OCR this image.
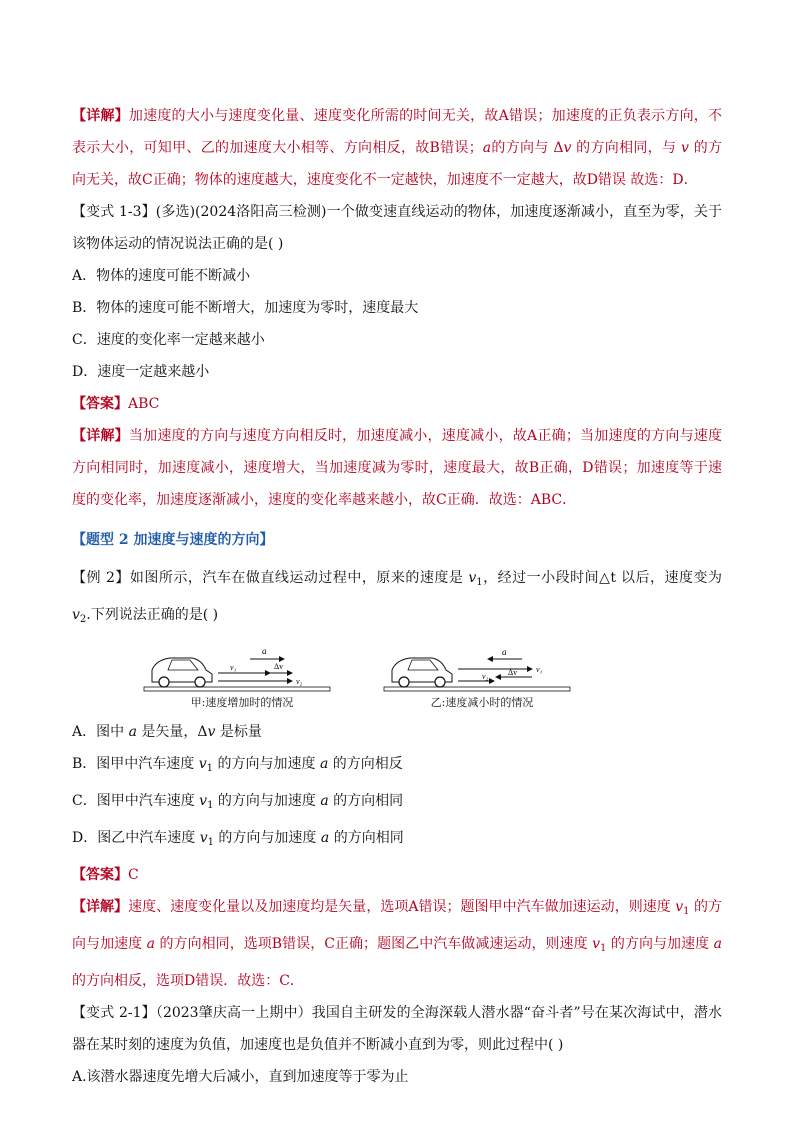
【详解】加速度的大小与速度变化量、速度变化所需的时间无关，故A错误；加速度的正负表示方向，不表示大小，可知甲、乙的加速度大小相等、方向相反，故B错误；a的方向与 Δv 的方向相同，与 v 的方向无关，故C正确；物体的速度越大，速度变化不一定越快，加速度不一定越大，故D错误 故选：D．

【变式 1-3】(多选)(2024洛阳高三检测)一个做变速直线运动的物体，加速度逐渐减小，直至为零，关于该物体运动的情况说法正确的是( )

A．物体的速度可能不断减小

B．物体的速度可能不断增大，加速度为零时，速度最大

C．速度的变化率一定越来越小

D．速度一定越来越小

【答案】ABC

【详解】当加速度的方向与速度方向相反时，加速度减小，速度减小，故A正确；当加速度的方向与速度方向相同时，加速度减小，速度增大，当加速度减为零时，速度最大，故B正确，D错误；加速度等于速度的变化率，加速度逐渐减小，速度的变化率越来越小，故C正确．故选：ABC．

【题型 2 加速度与速度的方向】

【例 2】如图所示，汽车在做直线运动过程中，原来的速度是 $v_1$，经过一小段时间△t 以后，速度变为 $v_2$.下列说法正确的是( )

a
v₁	Δv
v₂
甲:速度增加时的情况
a
v₁
v₂ Δv
乙:速度减小时的情况

A．图中 a 是矢量，Δv 是标量

B．图甲中汽车速度 $v_1$ 的方向与加速度 a 的方向相反

C．图甲中汽车速度 $v_1$ 的方向与加速度 a 的方向相同

D．图乙中汽车速度 $v_1$ 的方向与加速度 a 的方向相同

【答案】C

【详解】速度、速度变化量以及加速度均是矢量，选项A错误；题图甲中汽车做加速运动，则速度 $v_1$ 的方向与加速度 a 的方向相同，选项B错误，C正确；题图乙中汽车做减速运动，则速度 $v_1$ 的方向与加速度 a 的方向相反，选项D错误．故选：C．

【变式 2-1】（2023肇庆高一上期中）我国自主研发的全海深载人潜水器“奋斗者”号在某次海试中，潜水器在某时刻的速度为负值，加速度也是负值并不断减小直到为零，则此过程中( )

A.该潜水器速度先增大后减小，直到加速度等于零为止
